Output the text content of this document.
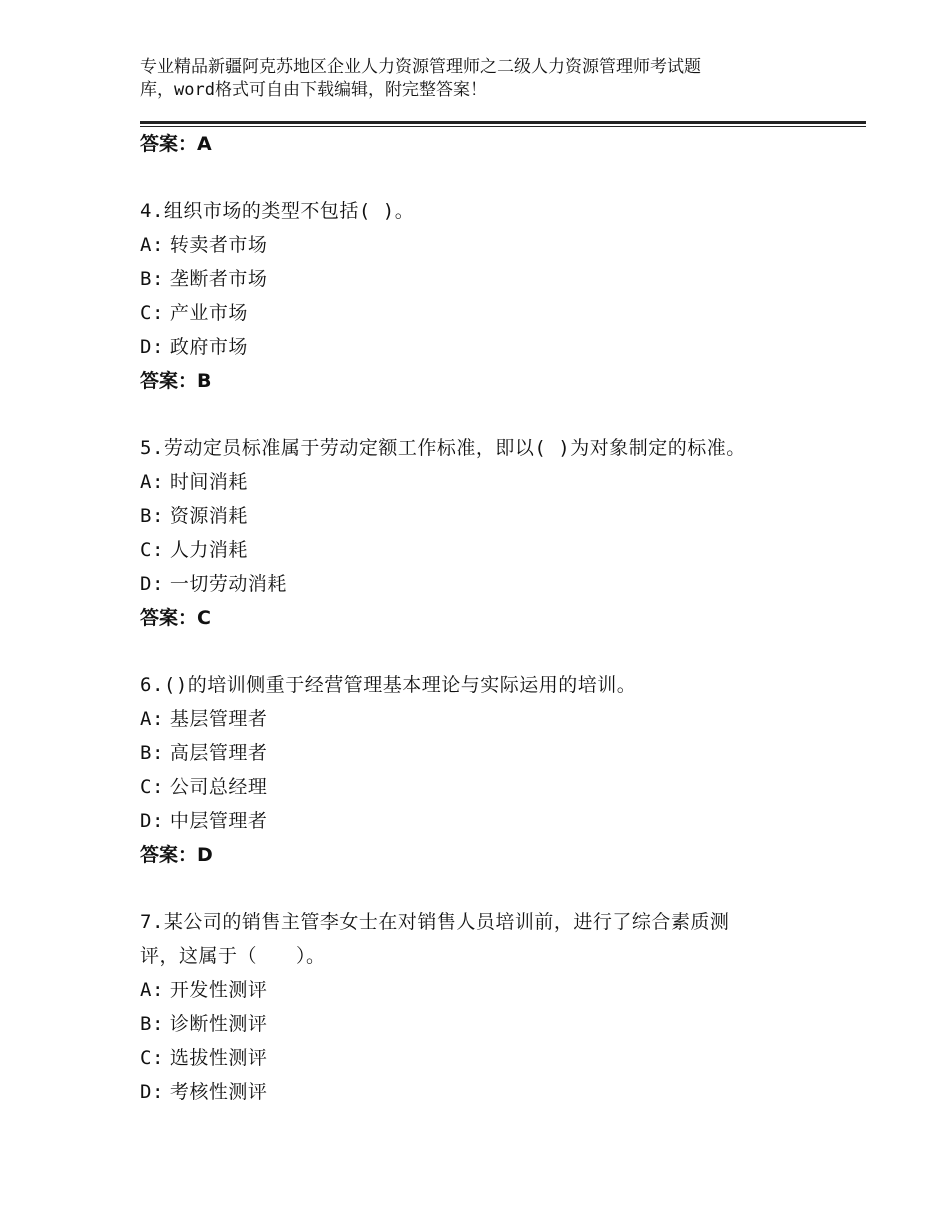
专业精品新疆阿克苏地区企业人力资源管理师之二级人力资源管理师考试题
库，word格式可自由下载编辑，附完整答案！
答案：A
4.组织市场的类型不包括( )。
A: 转卖者市场
B: 垄断者市场
C: 产业市场
D: 政府市场
答案：B
5.劳动定员标准属于劳动定额工作标准，即以( )为对象制定的标准。
A: 时间消耗
B: 资源消耗
C: 人力消耗
D: 一切劳动消耗
答案：C
6.()的培训侧重于经营管理基本理论与实际运用的培训。
A: 基层管理者
B: 高层管理者
C: 公司总经理
D: 中层管理者
答案：D
7.某公司的销售主管李女士在对销售人员培训前，进行了综合素质测
评，这属于（　　）。
A: 开发性测评
B: 诊断性测评
C: 选拔性测评
D: 考核性测评
